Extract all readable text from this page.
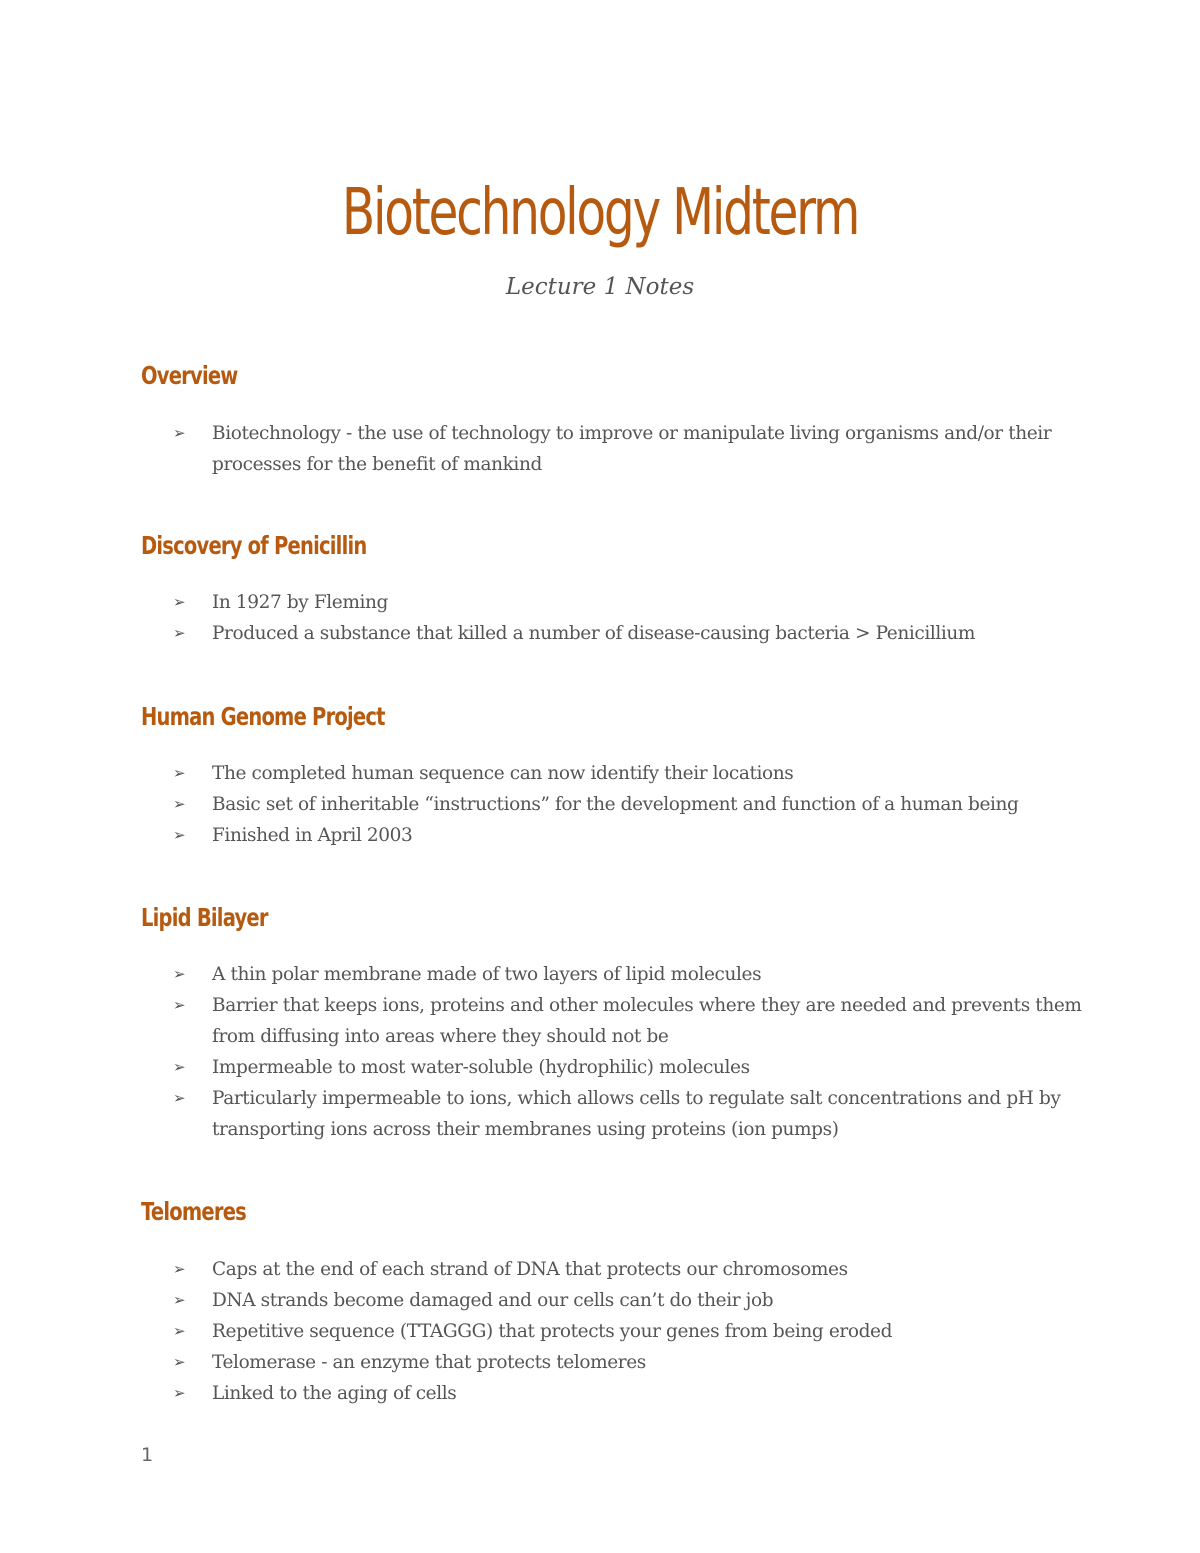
Biotechnology Midterm
Lecture 1 Notes
Overview
➢ Biotechnology - the use of technology to improve or manipulate living organisms and/or their processes for the benefit of mankind
Discovery of Penicillin
➢ In 1927 by Fleming
➢ Produced a substance that killed a number of disease-causing bacteria > Penicillium
Human Genome Project
➢ The completed human sequence can now identify their locations
➢ Basic set of inheritable “instructions” for the development and function of a human being
➢ Finished in April 2003
Lipid Bilayer
➢ A thin polar membrane made of two layers of lipid molecules
➢ Barrier that keeps ions, proteins and other molecules where they are needed and prevents them from diffusing into areas where they should not be
➢ Impermeable to most water-soluble (hydrophilic) molecules
➢ Particularly impermeable to ions, which allows cells to regulate salt concentrations and pH by transporting ions across their membranes using proteins (ion pumps)
Telomeres
➢ Caps at the end of each strand of DNA that protects our chromosomes
➢ DNA strands become damaged and our cells can’t do their job
➢ Repetitive sequence (TTAGGG) that protects your genes from being eroded
➢ Telomerase - an enzyme that protects telomeres
➢ Linked to the aging of cells
1
